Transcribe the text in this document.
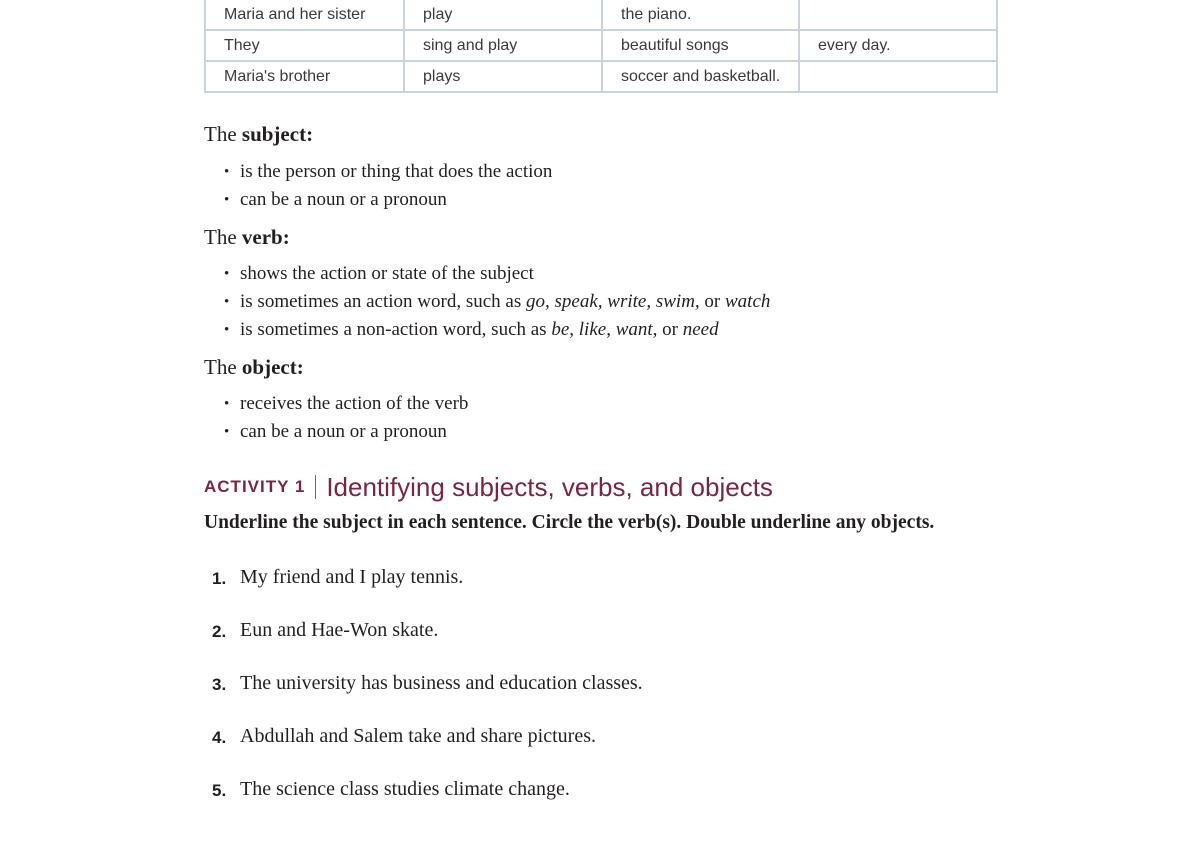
Maria and her sister	play	the piano.	
They	sing and play	beautiful songs	every day.
Maria's brother	plays	soccer and basketball.	
The subject:
• is the person or thing that does the action
• can be a noun or a pronoun
The verb:
• shows the action or state of the subject
• is sometimes an action word, such as go, speak, write, swim, or watch
• is sometimes a non-action word, such as be, like, want, or need
The object:
• receives the action of the verb
• can be a noun or a pronoun
ACTIVITY 1 Identifying subjects, verbs, and objects
Underline the subject in each sentence. Circle the verb(s). Double underline any objects.
1. My friend and I play tennis.
2. Eun and Hae-Won skate.
3. The university has business and education classes.
4. Abdullah and Salem take and share pictures.
5. The science class studies climate change.
